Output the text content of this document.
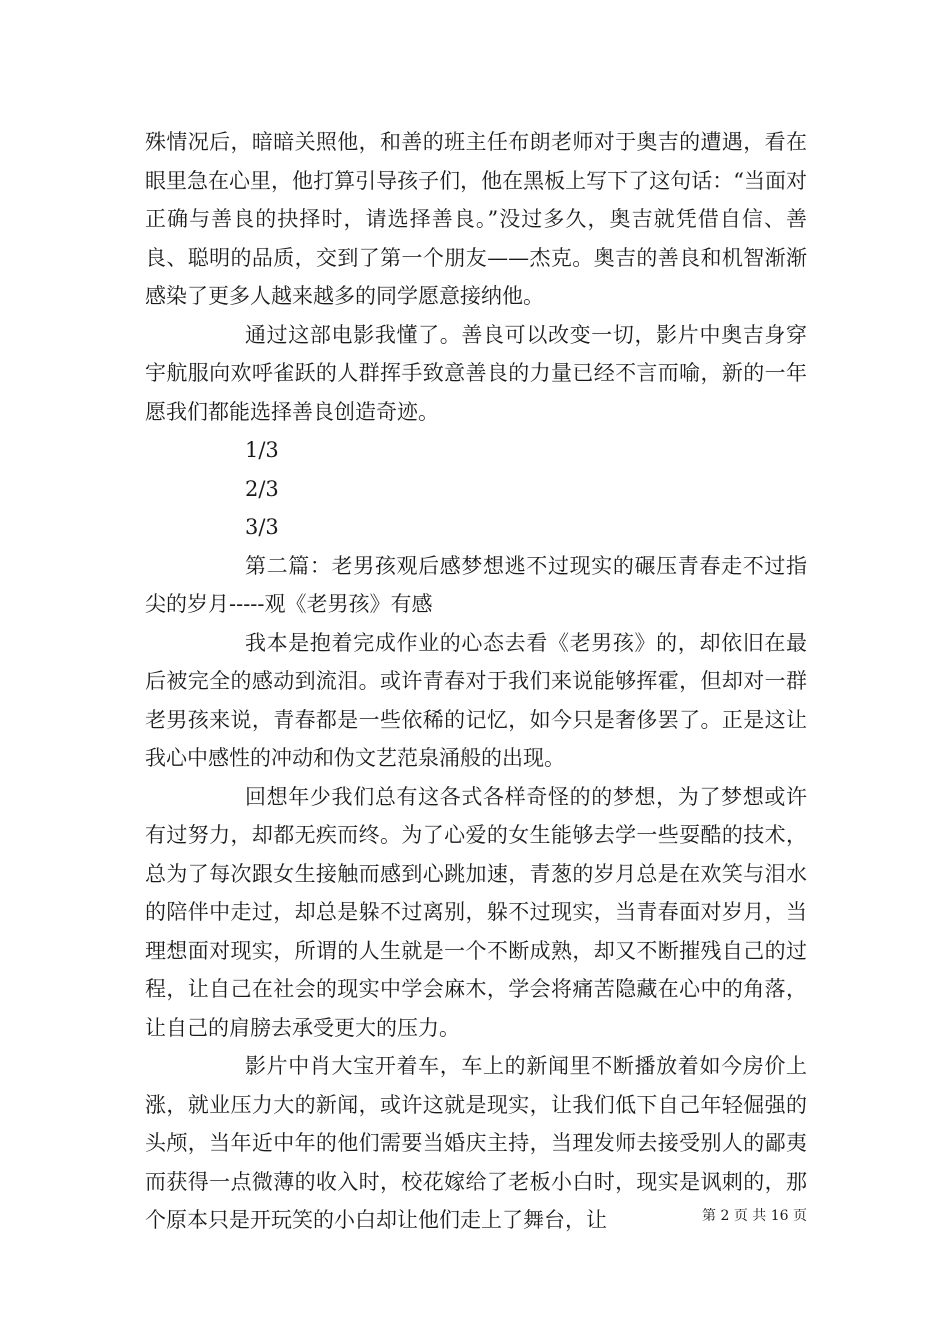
殊情况后，暗暗关照他，和善的班主任布朗老师对于奥吉的遭遇，看在眼里急在心里，他打算引导孩子们，他在黑板上写下了这句话：“当面对正确与善良的抉择时，请选择善良。”没过多久，奥吉就凭借自信、善良、聪明的品质，交到了第一个朋友——杰克。奥吉的善良和机智渐渐感染了更多人越来越多的同学愿意接纳他。

通过这部电影我懂了。善良可以改变一切，影片中奥吉身穿宇航服向欢呼雀跃的人群挥手致意善良的力量已经不言而喻，新的一年愿我们都能选择善良创造奇迹。

1/3

2/3

3/3

第二篇：老男孩观后感梦想逃不过现实的碾压青春走不过指尖的岁月-----观《老男孩》有感

我本是抱着完成作业的心态去看《老男孩》的，却依旧在最后被完全的感动到流泪。或许青春对于我们来说能够挥霍，但却对一群老男孩来说，青春都是一些依稀的记忆，如今只是奢侈罢了。正是这让我心中感性的冲动和伪文艺范泉涌般的出现。

回想年少我们总有这各式各样奇怪的的梦想，为了梦想或许有过努力，却都无疾而终。为了心爱的女生能够去学一些耍酷的技术，总为了每次跟女生接触而感到心跳加速，青葱的岁月总是在欢笑与泪水的陪伴中走过，却总是躲不过离别，躲不过现实，当青春面对岁月，当理想面对现实，所谓的人生就是一个不断成熟，却又不断摧残自己的过程，让自己在社会的现实中学会麻木，学会将痛苦隐藏在心中的角落，让自己的肩膀去承受更大的压力。

影片中肖大宝开着车，车上的新闻里不断播放着如今房价上涨，就业压力大的新闻，或许这就是现实，让我们低下自己年轻倔强的头颅，当年近中年的他们需要当婚庆主持，当理发师去接受别人的鄙夷而获得一点微薄的收入时，校花嫁给了老板小白时，现实是讽刺的，那个原本只是开玩笑的小白却让他们走上了舞台，让	第 2 页 共 16 页
